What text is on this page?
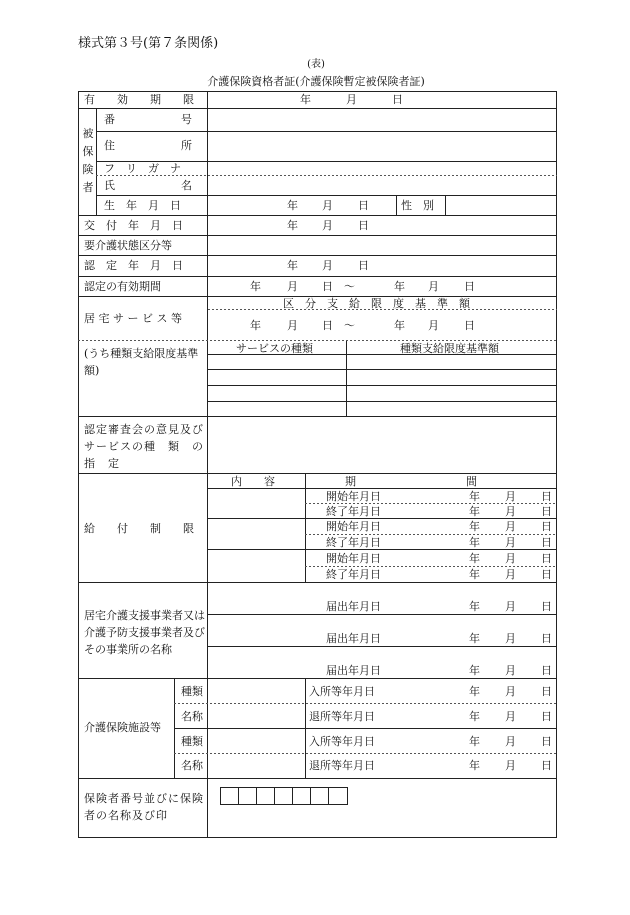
様式第３号(第７条関係)
(表)
介護保険資格者証(介護保険暫定被保険者証)
有　　効　　期　　限	年	月	日
被保険者
番　　　　　　号
住　　　　　　所
フ　リ　ガ　ナ
氏　　　　　　名
生　年　月　日	年 月 日	性　別
交　付　年　月　日	年 月 日
要介護状態区分等
認　定　年　月　日	年 月 日
認定の有効期間	年 月 日 ～	年 月 日
居 宅 サ ー ビ ス 等
区　分　支　給　限　度　基　準　額
年 月 日 ～	年 月 日
(うち種類支給限度基準額)
サービスの種類	種類支給限度基準額
認定審査会の意見及びサービスの種　類　の　指　定
給　　付　　制　　限
内　　容	期　　　　　　　　　　間
開始年月日	年 月 日
終了年月日	年 月 日
開始年月日	年 月 日
終了年月日	年 月 日
開始年月日	年 月 日
終了年月日	年 月 日
居宅介護支援事業者又は介護予防支援事業者及びその事業所の名称
届出年月日	年 月 日
届出年月日	年 月 日
届出年月日	年 月 日
介護保険施設等
種類	入所等年月日	年 月 日
名称	退所等年月日	年 月 日
種類	入所等年月日	年 月 日
名称	退所等年月日	年 月 日
保険者番号並びに保険者の名称及び印
